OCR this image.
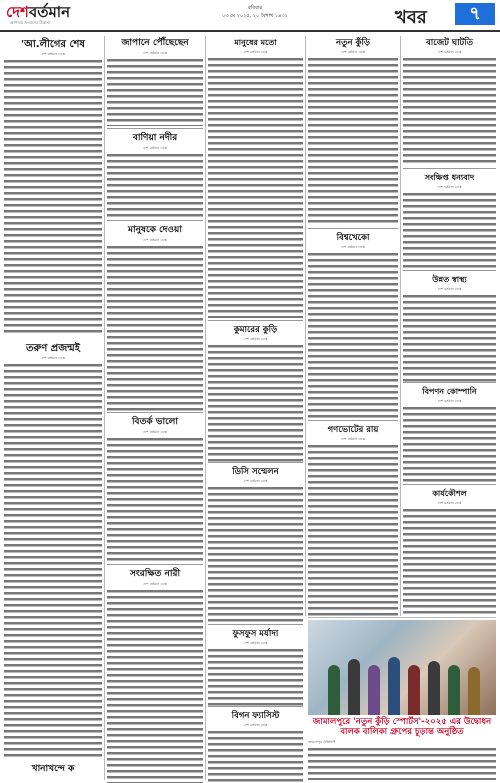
দেশবর্তমান
আপনার সংবাদের ঠিকানা
রবিবার
০৩ মে ২০২৫, ২০ বৈশাখ ১৪৩২	খবর	৭
'আ.লীগের শেষ
দেশ বর্তমান ডেস্ক
তরুণ প্রজন্মই
দেশ বর্তমান ডেস্ক
খানাখন্দে ক
জাপানে পৌঁছেছেন
দেশ বর্তমান ডেস্ক
বাণিয়া নদীর
দেশ বর্তমান ডেস্ক
মানুষকে দেওয়া
দেশ বর্তমান ডেস্ক
বিতর্ক ভালো
দেশ বর্তমান ডেস্ক
সংরক্ষিত নারী
দেশ বর্তমান ডেস্ক
মানুষের মতো
দেশ বর্তমান ডেস্ক
কুমারের কুড়ি
দেশ বর্তমান ডেস্ক
ডিসি সম্মেলন
দেশ বর্তমান ডেস্ক
নতুন কুঁড়ি
দেশ বর্তমান ডেস্ক
বিশ্বখেকো
দেশ বর্তমান ডেস্ক
গণভোটের রায়
দেশ বর্তমান ডেস্ক
বাজেট ঘাটতি
দেশ বর্তমান ডেস্ক
সংক্ষিপ্ত ধন্যবাদ
দেশ বর্তমান ডেস্ক
উন্নত স্বাস্থ্য
দেশ বর্তমান ডেস্ক
বিপণন কোম্পানি
দেশ বর্তমান ডেস্ক
কার্যকৌশল
দেশ বর্তমান ডেস্ক
ফুসফুস মর্যাদা
দেশ বর্তমান ডেস্ক
বিগন ফ্যাসিস্ট
দেশ বর্তমান ডেস্ক	জামালপুরে 'নতুন কুঁড়ি স্পোর্টস'-২০২৫ এর উদ্বোধন বালক বালিকা গ্রুপের চূড়ান্ত অনুষ্ঠিত
জামালপুর প্রতিনিধি
